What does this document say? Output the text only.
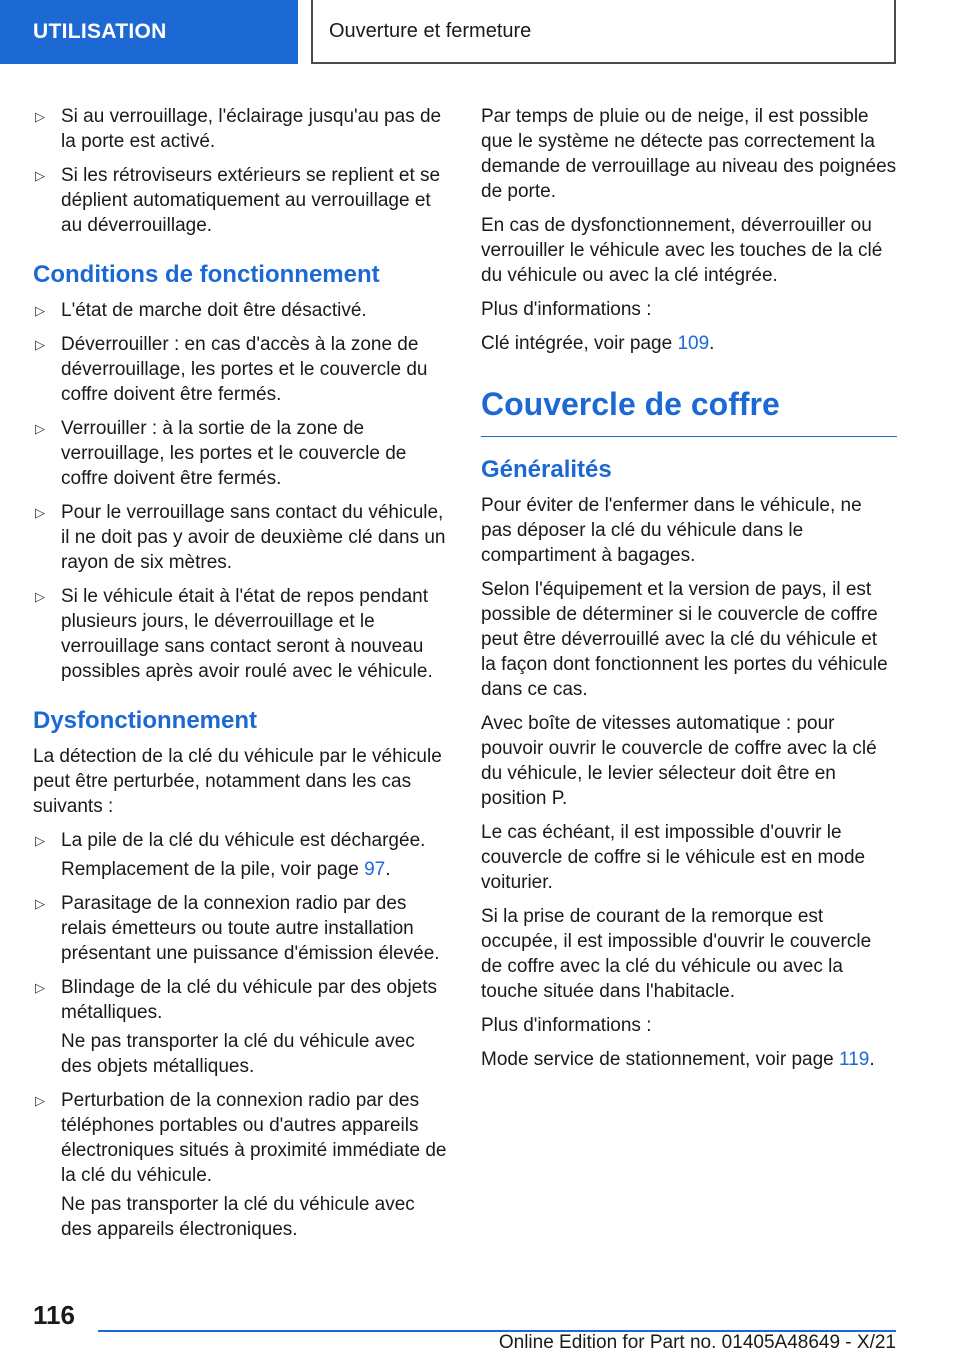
UTILISATION	Ouverture et fermeture
▷ Si au verrouillage, l'éclairage jusqu'au pas de la porte est activé.
▷ Si les rétroviseurs extérieurs se replient et se déplient automatiquement au verrouillage et au déverrouillage.
Conditions de fonctionnement
▷ L'état de marche doit être désactivé.
▷ Déverrouiller : en cas d'accès à la zone de déverrouillage, les portes et le couvercle du coffre doivent être fermés.
▷ Verrouiller : à la sortie de la zone de verrouillage, les portes et le couvercle de coffre doivent être fermés.
▷ Pour le verrouillage sans contact du véhicule, il ne doit pas y avoir de deuxième clé dans un rayon de six mètres.
▷ Si le véhicule était à l'état de repos pendant plusieurs jours, le déverrouillage et le verrouillage sans contact seront à nouveau possibles après avoir roulé avec le véhicule.
Dysfonctionnement

La détection de la clé du véhicule par le véhicule peut être perturbée, notamment dans les cas suivants :

▷ La pile de la clé du véhicule est déchargée.
Remplacement de la pile, voir page 97.
▷ Parasitage de la connexion radio par des relais émetteurs ou toute autre installation présentant une puissance d'émission élevée.
▷ Blindage de la clé du véhicule par des objets métalliques.
Ne pas transporter la clé du véhicule avec des objets métalliques.
▷ Perturbation de la connexion radio par des téléphones portables ou d'autres appareils électroniques situés à proximité immédiate de la clé du véhicule.
Ne pas transporter la clé du véhicule avec des appareils électroniques.

Par temps de pluie ou de neige, il est possible que le système ne détecte pas correctement la demande de verrouillage au niveau des poignées de porte.

En cas de dysfonctionnement, déverrouiller ou verrouiller le véhicule avec les touches de la clé du véhicule ou avec la clé intégrée.

Plus d'informations :

Clé intégrée, voir page 109.

Couvercle de coffre
Généralités

Pour éviter de l'enfermer dans le véhicule, ne pas déposer la clé du véhicule dans le compartiment à bagages.

Selon l'équipement et la version de pays, il est possible de déterminer si le couvercle de coffre peut être déverrouillé avec la clé du véhicule et la façon dont fonctionnent les portes du véhicule dans ce cas.

Avec boîte de vitesses automatique : pour pouvoir ouvrir le couvercle de coffre avec la clé du véhicule, le levier sélecteur doit être en position P.

Le cas échéant, il est impossible d'ouvrir le couvercle de coffre si le véhicule est en mode voiturier.

Si la prise de courant de la remorque est occupée, il est impossible d'ouvrir le couvercle de coffre avec la clé du véhicule ou avec la touche située dans l'habitacle.

Plus d'informations :

Mode service de stationnement, voir page 119.

116
Online Edition for Part no. 01405A48649 - X/21
